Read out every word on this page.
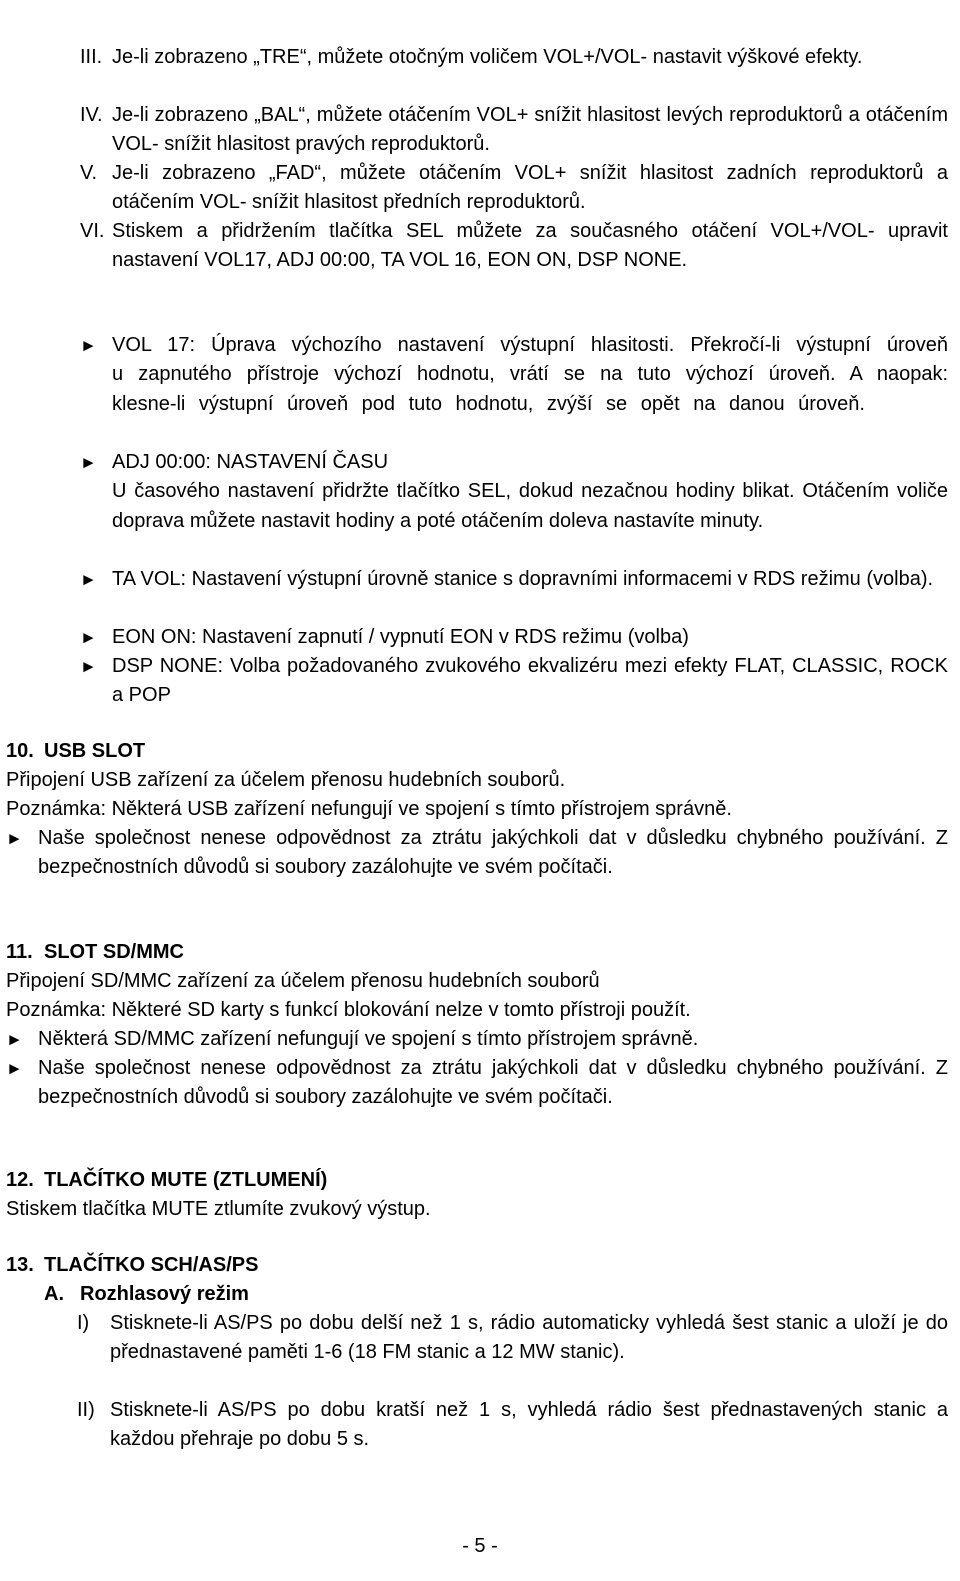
III. Je-li zobrazeno „TRE“, můžete otočným voličem VOL+/VOL- nastavit výškové efekty.
IV. Je-li zobrazeno „BAL“, můžete otáčením VOL+ snížit hlasitost levých reproduktorů a otáčením VOL- snížit hlasitost pravých reproduktorů.
V. Je-li zobrazeno „FAD“, můžete otáčením VOL+ snížit hlasitost zadních reproduktorů a otáčením VOL- snížit hlasitost předních reproduktorů.
VI. Stiskem a přidržením tlačítka SEL můžete za současného otáčení VOL+/VOL- upravit nastavení VOL17, ADJ 00:00, TA VOL 16, EON ON, DSP NONE.
► VOL 17: Úprava výchozího nastavení výstupní hlasitosti. Překročí-li výstupní úroveň u zapnutého přístroje výchozí hodnotu, vrátí se na tuto výchozí úroveň. A naopak: klesne-li výstupní úroveň pod tuto hodnotu, zvýší se opět na danou úroveň.
► ADJ 00:00: NASTAVENÍ ČASU
U časového nastavení přidržte tlačítko SEL, dokud nezačnou hodiny blikat. Otáčením voliče doprava můžete nastavit hodiny a poté otáčením doleva nastavíte minuty.
► TA VOL: Nastavení výstupní úrovně stanice s dopravními informacemi v RDS režimu (volba).
► EON ON: Nastavení zapnutí / vypnutí EON v RDS režimu (volba)
► DSP NONE: Volba požadovaného zvukového ekvalizéru mezi efekty FLAT, CLASSIC, ROCK a POP
10. USB SLOT
Připojení USB zařízení za účelem přenosu hudebních souborů.
Poznámka: Některá USB zařízení nefungují ve spojení s tímto přístrojem správně.
► Naše společnost nenese odpovědnost za ztrátu jakýchkoli dat v důsledku chybného používání. Z bezpečnostních důvodů si soubory zazálohujte ve svém počítači.
11. SLOT SD/MMC
Připojení SD/MMC zařízení za účelem přenosu hudebních souborů
Poznámka: Některé SD karty s funkcí blokování nelze v tomto přístroji použít.
► Některá SD/MMC zařízení nefungují ve spojení s tímto přístrojem správně.
► Naše společnost nenese odpovědnost za ztrátu jakýchkoli dat v důsledku chybného používání. Z bezpečnostních důvodů si soubory zazálohujte ve svém počítači.
12. TLAČÍTKO MUTE (ZTLUMENÍ)
Stiskem tlačítka MUTE ztlumíte zvukový výstup.
13. TLAČÍTKO SCH/AS/PS
A. Rozhlasový režim
I) Stisknete-li AS/PS po dobu delší než 1 s, rádio automaticky vyhledá šest stanic a uloží je do přednastavené paměti 1-6 (18 FM stanic a 12 MW stanic).
II) Stisknete-li AS/PS po dobu kratší než 1 s, vyhledá rádio šest přednastavených stanic a každou přehraje po dobu 5 s.
- 5 -
